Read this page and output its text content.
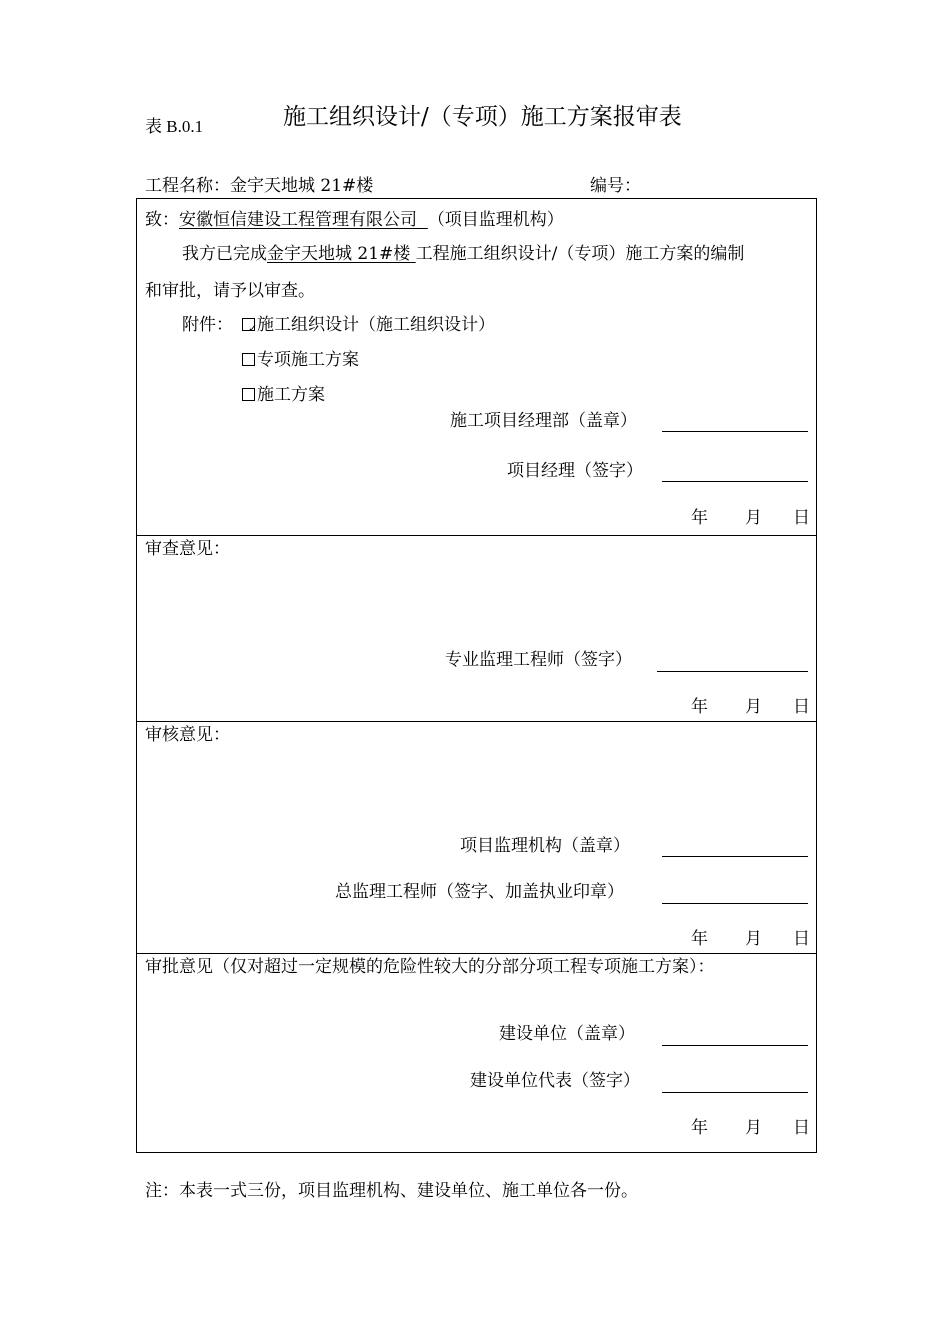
表 B.0.1	施工组织设计/（专项）施工方案报审表
工程名称：金宇天地城 21#楼	编号：
致：安徽恒信建设工程管理有限公司 （项目监理机构）
我方已完成金宇天地城 21#楼 工程施工组织设计/（专项）施工方案的编制
和审批，请予以审查。
附件： ✓ 施工组织设计（施工组织设计）
专项施工方案
施工方案
施工项目经理部（盖章）
项目经理（签字）
年 月 日
审查意见：
专业监理工程师（签字）
年 月 日
审核意见：
项目监理机构（盖章）
总监理工程师（签字、加盖执业印章）
年 月 日
审批意见（仅对超过一定规模的危险性较大的分部分项工程专项施工方案）：
建设单位（盖章）
建设单位代表（签字）
年 月 日
注：本表一式三份，项目监理机构、建设单位、施工单位各一份。
